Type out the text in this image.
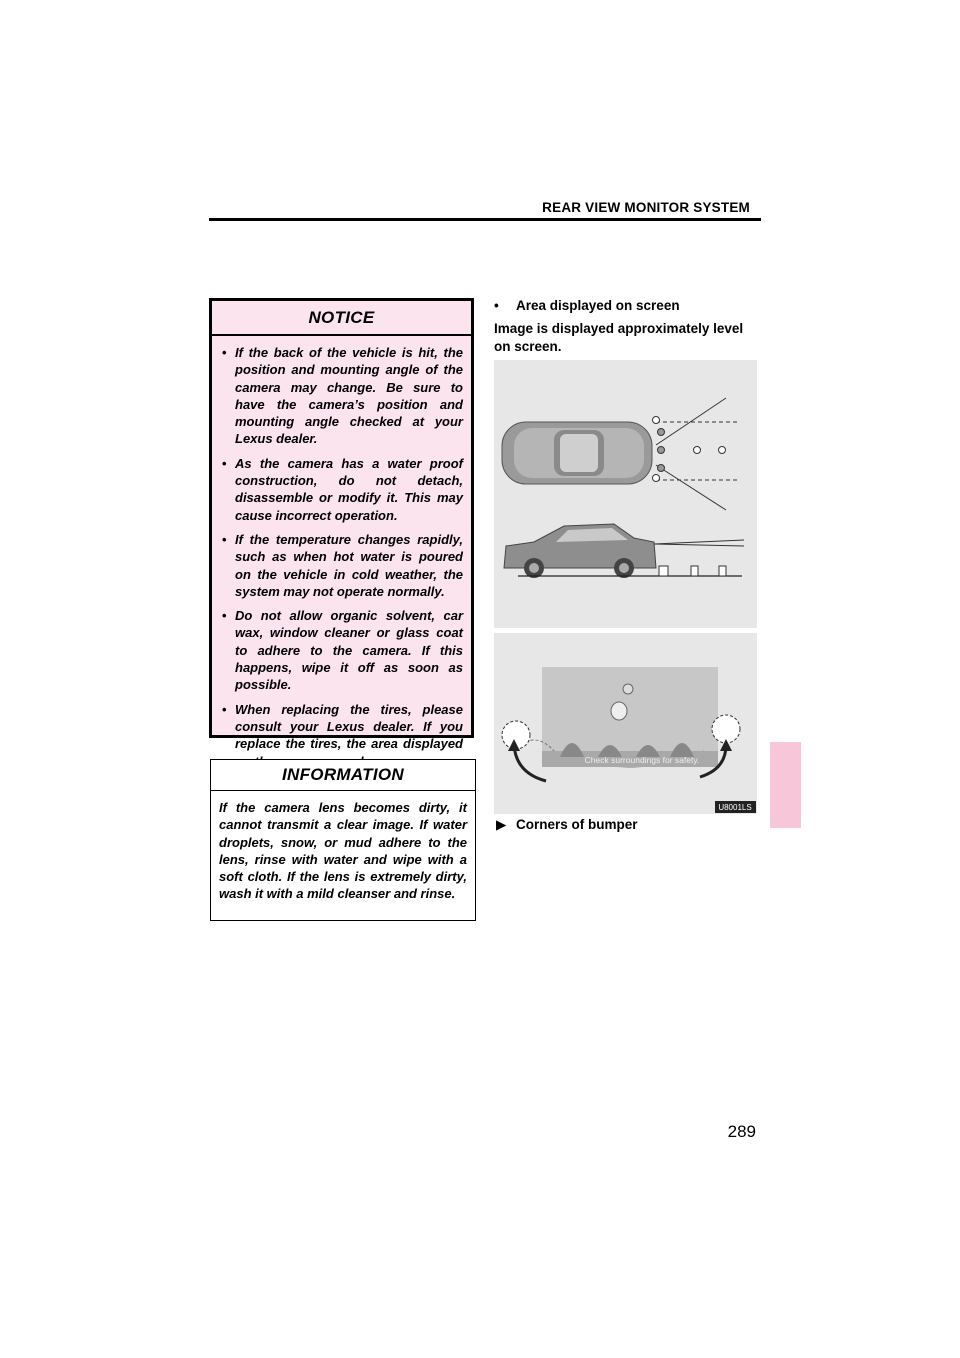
REAR VIEW MONITOR SYSTEM
NOTICE
• If the back of the vehicle is hit, the position and mounting angle of the camera may change. Be sure to have the camera’s position and mounting angle checked at your Lexus dealer.
• As the camera has a water proof construction, do not detach, disassemble or modify it. This may cause incorrect operation.
• If the temperature changes rapidly, such as when hot water is poured on the vehicle in cold weather, the system may not operate normally.
• Do not allow organic solvent, car wax, window cleaner or glass coat to adhere to the camera. If this happens, wipe it off as soon as possible.
• When replacing the tires, please consult your Lexus dealer. If you replace the tires, the area displayed
INFORMATION
If the camera lens becomes dirty, it cannot transmit a clear image. If water droplets, snow, or mud adhere to the lens, rinse with water and wipe with a soft cloth. If the lens is extremely dirty, wash it with a mild cleanser and rinse.
• Area displayed on screen
Image is displayed approximately level on screen.
Check surroundings for safety.
U8001LS
▶ Corners of bumper
289
